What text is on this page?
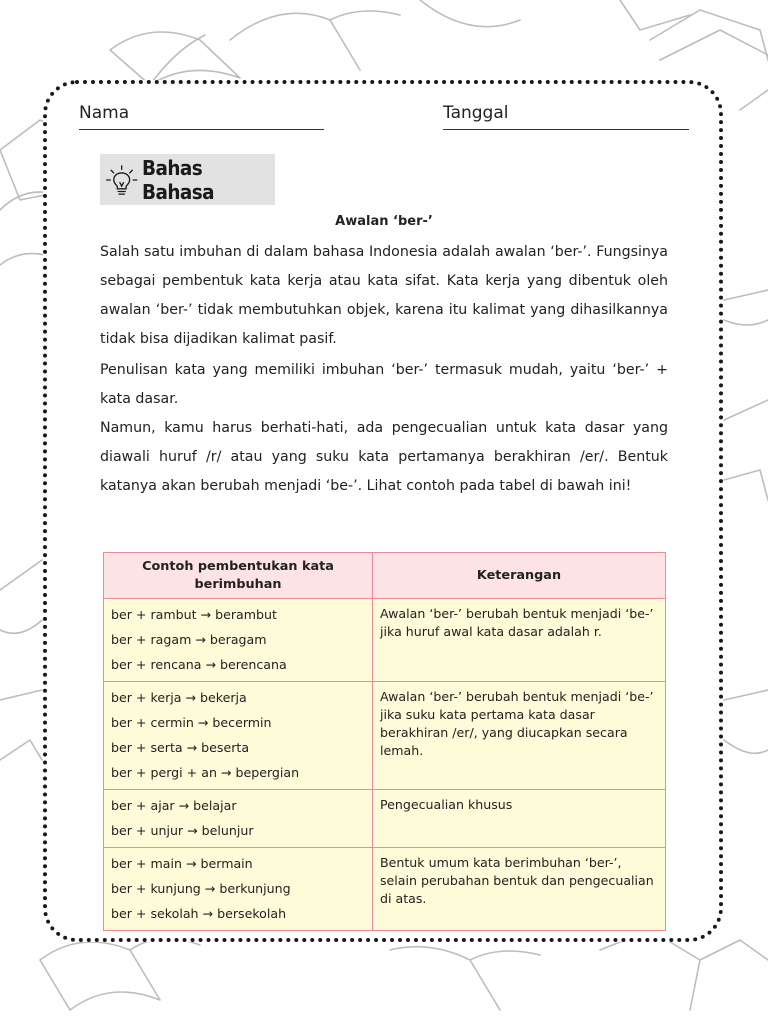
Nama	Tanggal
Bahas Bahasa
Awalan ‘ber-’

Salah satu imbuhan di dalam bahasa Indonesia adalah awalan ‘ber-’. Fungsinya sebagai pembentuk kata kerja atau kata sifat. Kata kerja yang dibentuk oleh awalan ‘ber-’ tidak membutuhkan objek, karena itu kalimat yang dihasilkannya tidak bisa dijadikan kalimat pasif.

Penulisan kata yang memiliki imbuhan ‘ber-’ termasuk mudah, yaitu ‘ber-’ + kata dasar.

Namun, kamu harus berhati-hati, ada pengecualian untuk kata dasar yang diawali huruf /r/ atau yang suku kata pertamanya berakhiran /er/. Bentuk katanya akan berubah menjadi ‘be-’. Lihat contoh pada tabel di bawah ini!

Contoh pembentukan kata berimbuhan	Keterangan

ber + rambut → berambut
ber + ragam → beragam
ber + rencana → berencana	Awalan ‘ber-’ berubah bentuk menjadi ‘be-’ jika huruf awal kata dasar adalah r.

ber + kerja → bekerja
ber + cermin → becermin
ber + serta → beserta
ber + pergi + an → bepergian	Awalan ‘ber-’ berubah bentuk menjadi ‘be-’ jika suku kata pertama kata dasar berakhiran /er/, yang diucapkan secara lemah.

ber + ajar → belajar
ber + unjur → belunjur	Pengecualian khusus

ber + main → bermain
ber + kunjung → berkunjung
ber + sekolah → bersekolah	Bentuk umum kata berimbuhan ‘ber-’, selain perubahan bentuk dan pengecualian di atas.
